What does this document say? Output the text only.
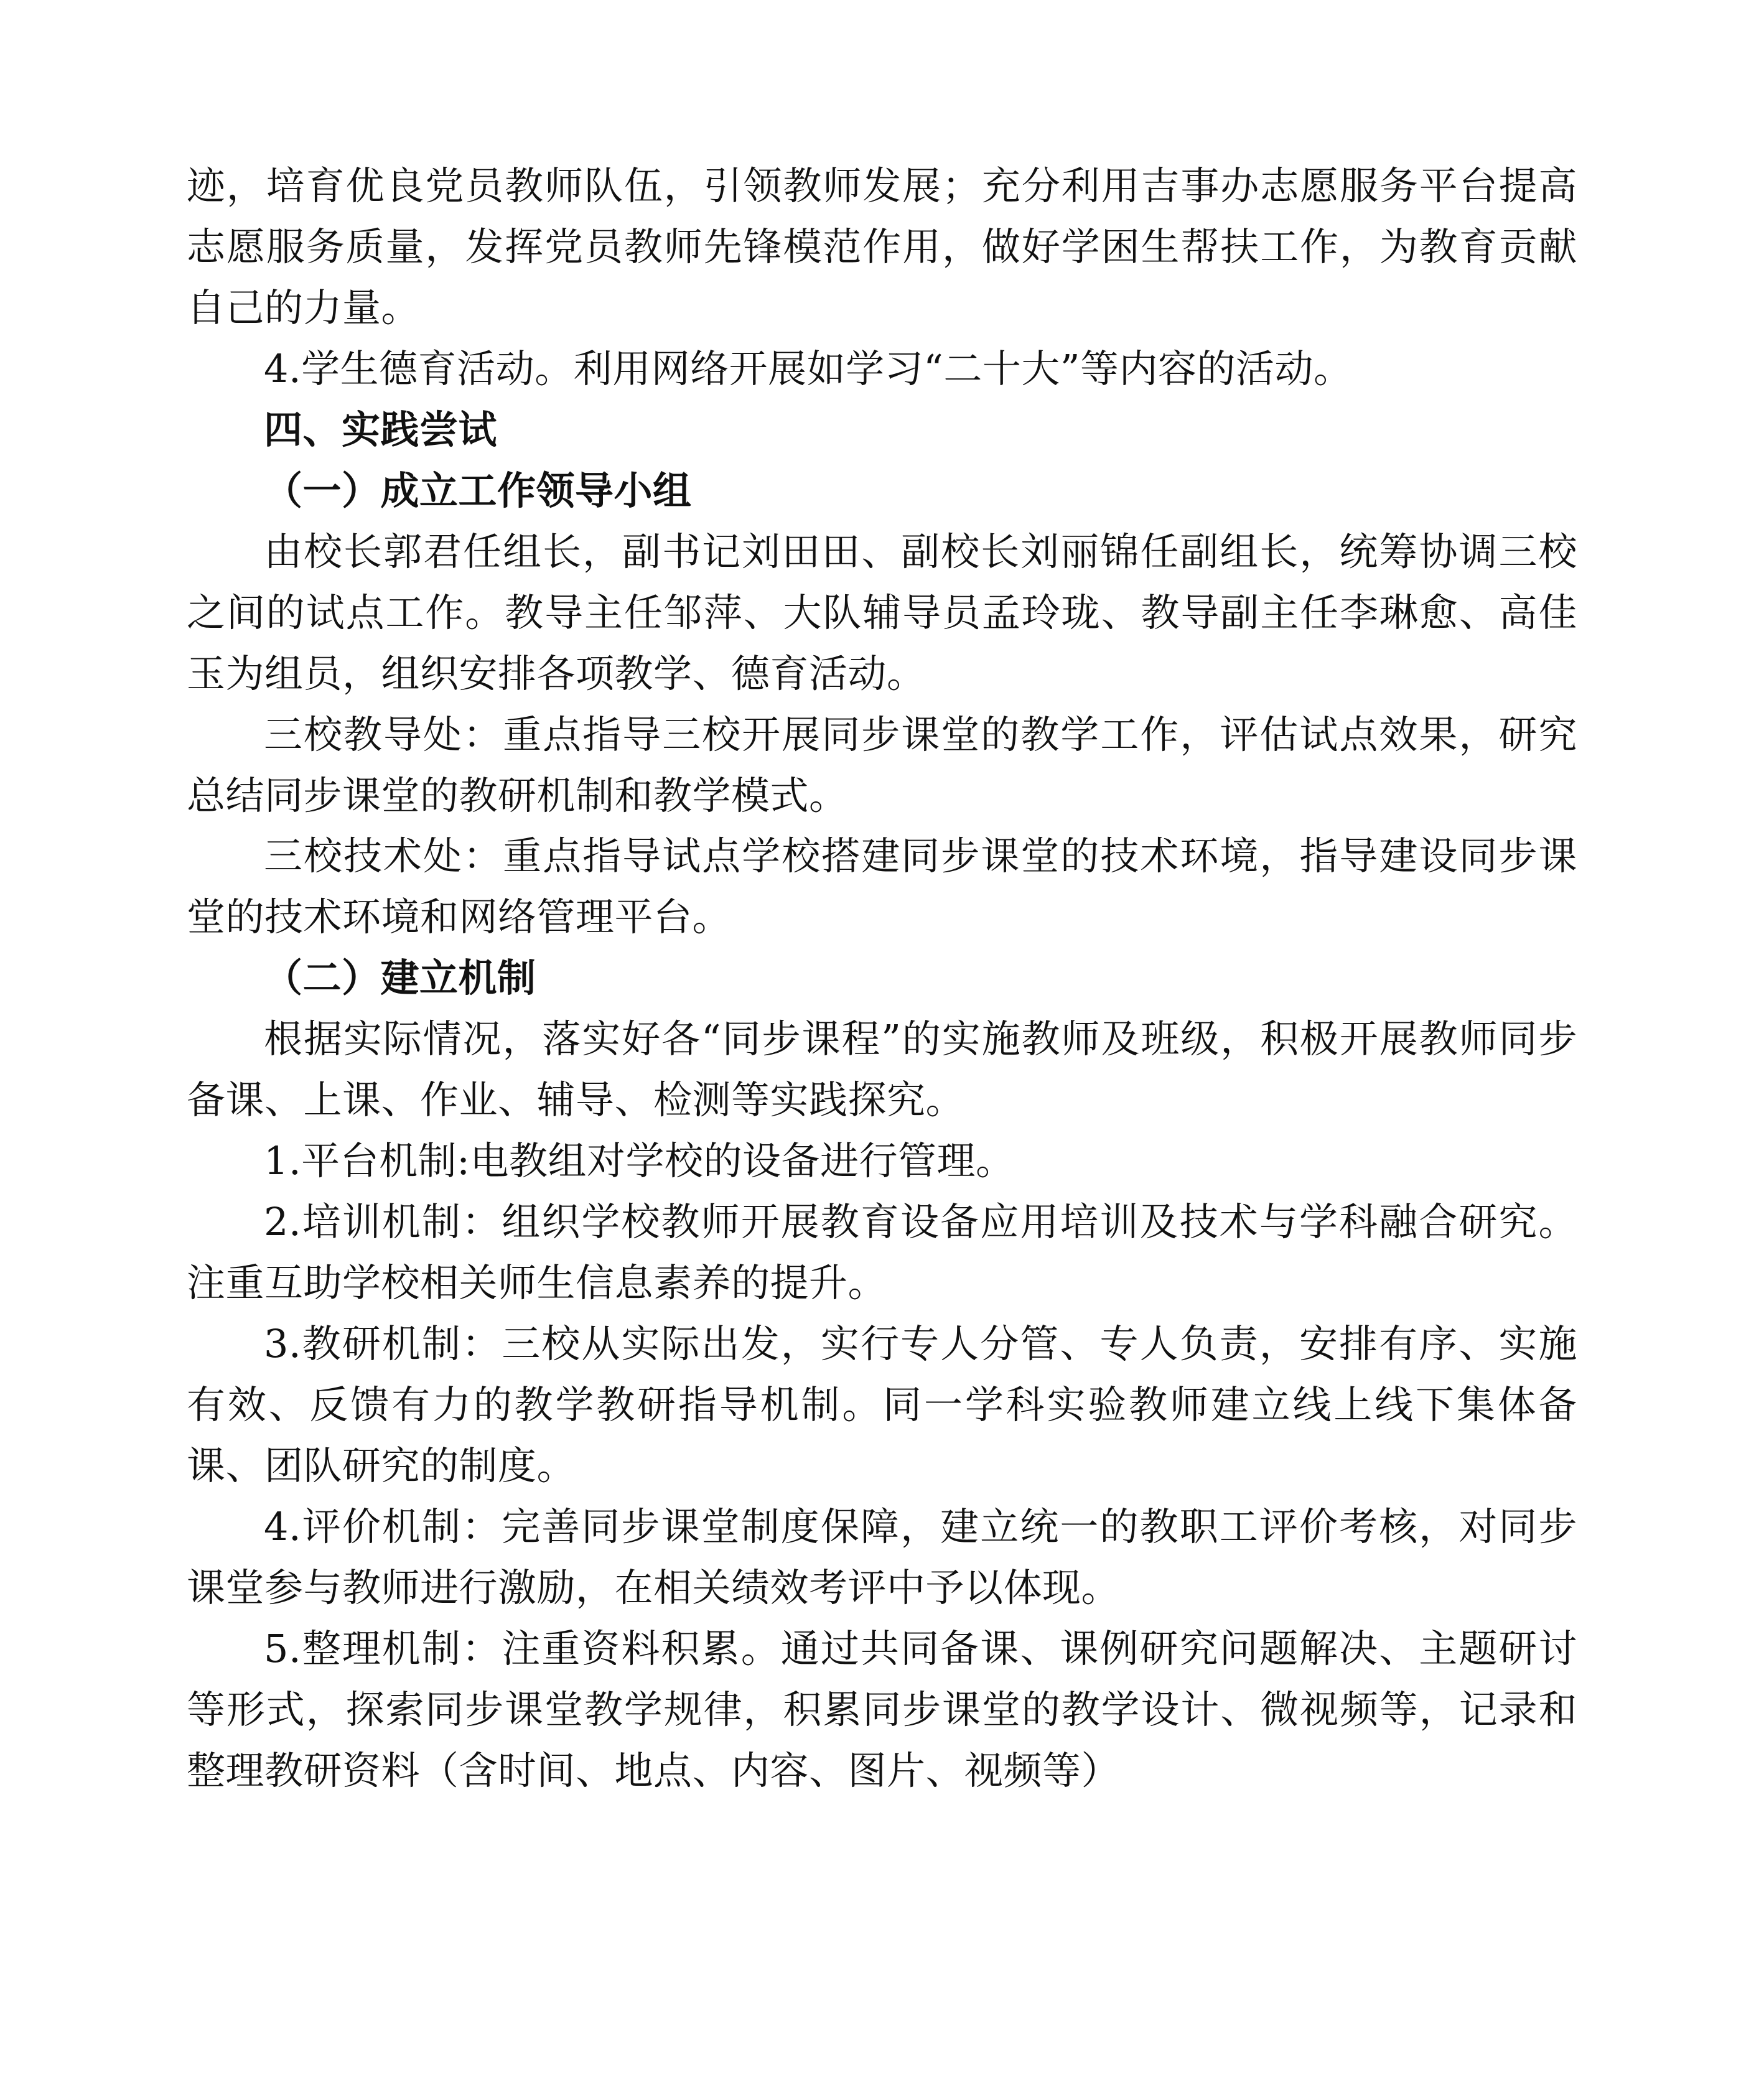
迹，培育优良党员教师队伍，引领教师发展；充分利用吉事办志愿服务平台提高志愿服务质量，发挥党员教师先锋模范作用，做好学困生帮扶工作，为教育贡献自己的力量。

4.学生德育活动。利用网络开展如学习“二十大”等内容的活动。

四、实践尝试

（一）成立工作领导小组

由校长郭君任组长，副书记刘田田、副校长刘丽锦任副组长，统筹协调三校之间的试点工作。教导主任邹萍、大队辅导员孟玲珑、教导副主任李琳愈、高佳玉为组员，组织安排各项教学、德育活动。

三校教导处：重点指导三校开展同步课堂的教学工作，评估试点效果，研究总结同步课堂的教研机制和教学模式。

三校技术处：重点指导试点学校搭建同步课堂的技术环境，指导建设同步课堂的技术环境和网络管理平台。

（二）建立机制

根据实际情况，落实好各“同步课程”的实施教师及班级，积极开展教师同步备课、上课、作业、辅导、检测等实践探究。

1.平台机制:电教组对学校的设备进行管理。

2.培训机制：组织学校教师开展教育设备应用培训及技术与学科融合研究。注重互助学校相关师生信息素养的提升。

3.教研机制：三校从实际出发，实行专人分管、专人负责，安排有序、实施有效、反馈有力的教学教研指导机制。同一学科实验教师建立线上线下集体备课、团队研究的制度。

4.评价机制：完善同步课堂制度保障，建立统一的教职工评价考核，对同步课堂参与教师进行激励，在相关绩效考评中予以体现。

5.整理机制：注重资料积累。通过共同备课、课例研究问题解决、主题研讨等形式，探索同步课堂教学规律，积累同步课堂的教学设计、微视频等，记录和整理教研资料（含时间、地点、内容、图片、视频等）
